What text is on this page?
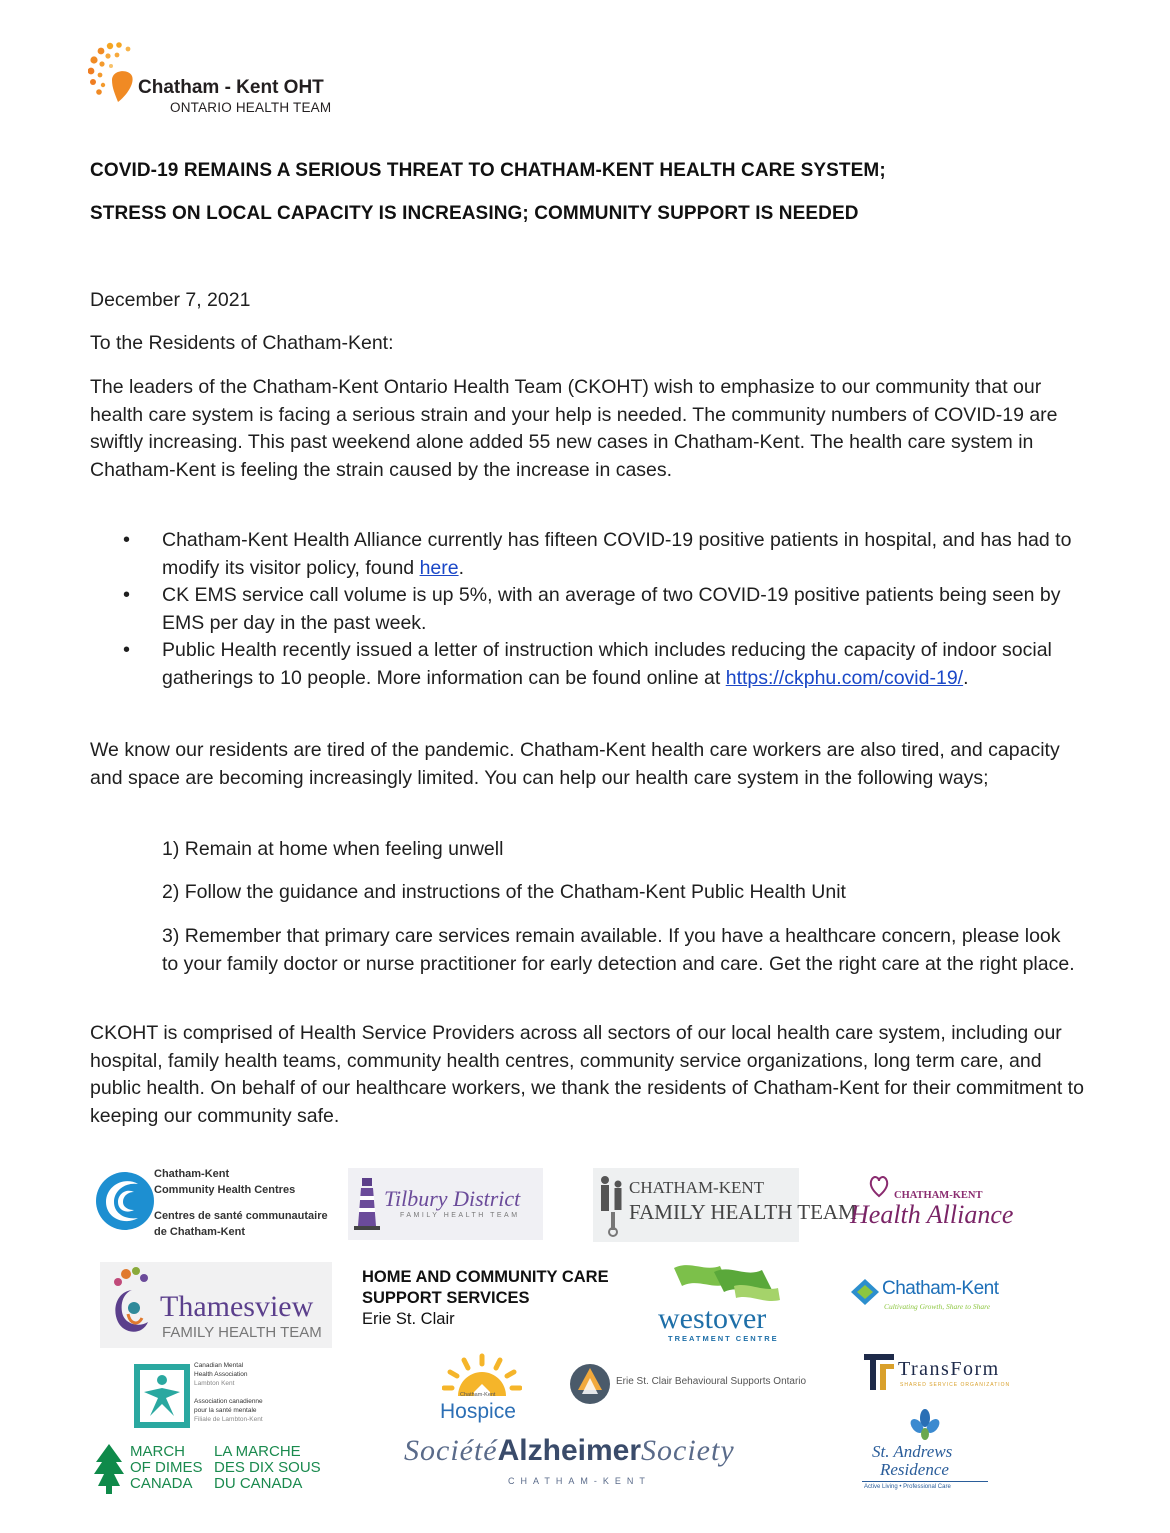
Chatham - Kent OHT
ONTARIO HEALTH TEAM
COVID-19 REMAINS A SERIOUS THREAT TO CHATHAM-KENT HEALTH CARE SYSTEM;
STRESS ON LOCAL CAPACITY IS INCREASING; COMMUNITY SUPPORT IS NEEDED
December 7, 2021
To the Residents of Chatham-Kent:
The leaders of the Chatham-Kent Ontario Health Team (CKOHT) wish to emphasize to our community that our health care system is facing a serious strain and your help is needed. The community numbers of COVID-19 are swiftly increasing. This past weekend alone added 55 new cases in Chatham-Kent. The health care system in Chatham-Kent is feeling the strain caused by the increase in cases.
• Chatham-Kent Health Alliance currently has fifteen COVID-19 positive patients in hospital, and has had to modify its visitor policy, found here.
• CK EMS service call volume is up 5%, with an average of two COVID-19 positive patients being seen by EMS per day in the past week.
• Public Health recently issued a letter of instruction which includes reducing the capacity of indoor social gatherings to 10 people. More information can be found online at https://ckphu.com/covid-19/.
We know our residents are tired of the pandemic. Chatham-Kent health care workers are also tired, and capacity and space are becoming increasingly limited. You can help our health care system in the following ways;
1) Remain at home when feeling unwell
2) Follow the guidance and instructions of the Chatham-Kent Public Health Unit
3) Remember that primary care services remain available. If you have a healthcare concern, please look to your family doctor or nurse practitioner for early detection and care. Get the right care at the right place.
CKOHT is comprised of Health Service Providers across all sectors of our local health care system, including our hospital, family health teams, community health centres, community service organizations, long term care, and public health. On behalf of our healthcare workers, we thank the residents of Chatham-Kent for their commitment to keeping our community safe.
Chatham-Kent
Community Health Centres
Centres de santé communautaire
de Chatham-Kent
Tilbury District
FAMILY HEALTH TEAM
CHATHAM-KENT
FAMILY HEALTH TEAM
CHATHAM-KENT
Health Alliance
Thamesview
FAMILY HEALTH TEAM
HOME AND COMMUNITY CARE
SUPPORT SERVICES
Erie St. Clair	westover
TREATMENT CENTRE
Chatham-Kent
Cultivating Growth, Share to Share
Canadian Mental
Health Association
Lambton Kent
Association canadienne
pour la santé mentale
Filiale de Lambton-Kent
Chatham-Kent
Hospice
Erie St. Clair Behavioural Supports Ontario
TransForm
SHARED SERVICE ORGANIZATION
MARCH
OF DIMES
CANADA
LA MARCHE
DES DIX SOUS
DU CANADA
SociétéAlzheimerSociety
CHATHAM-KENT
St. Andrews
Residence
Active Living • Professional Care
